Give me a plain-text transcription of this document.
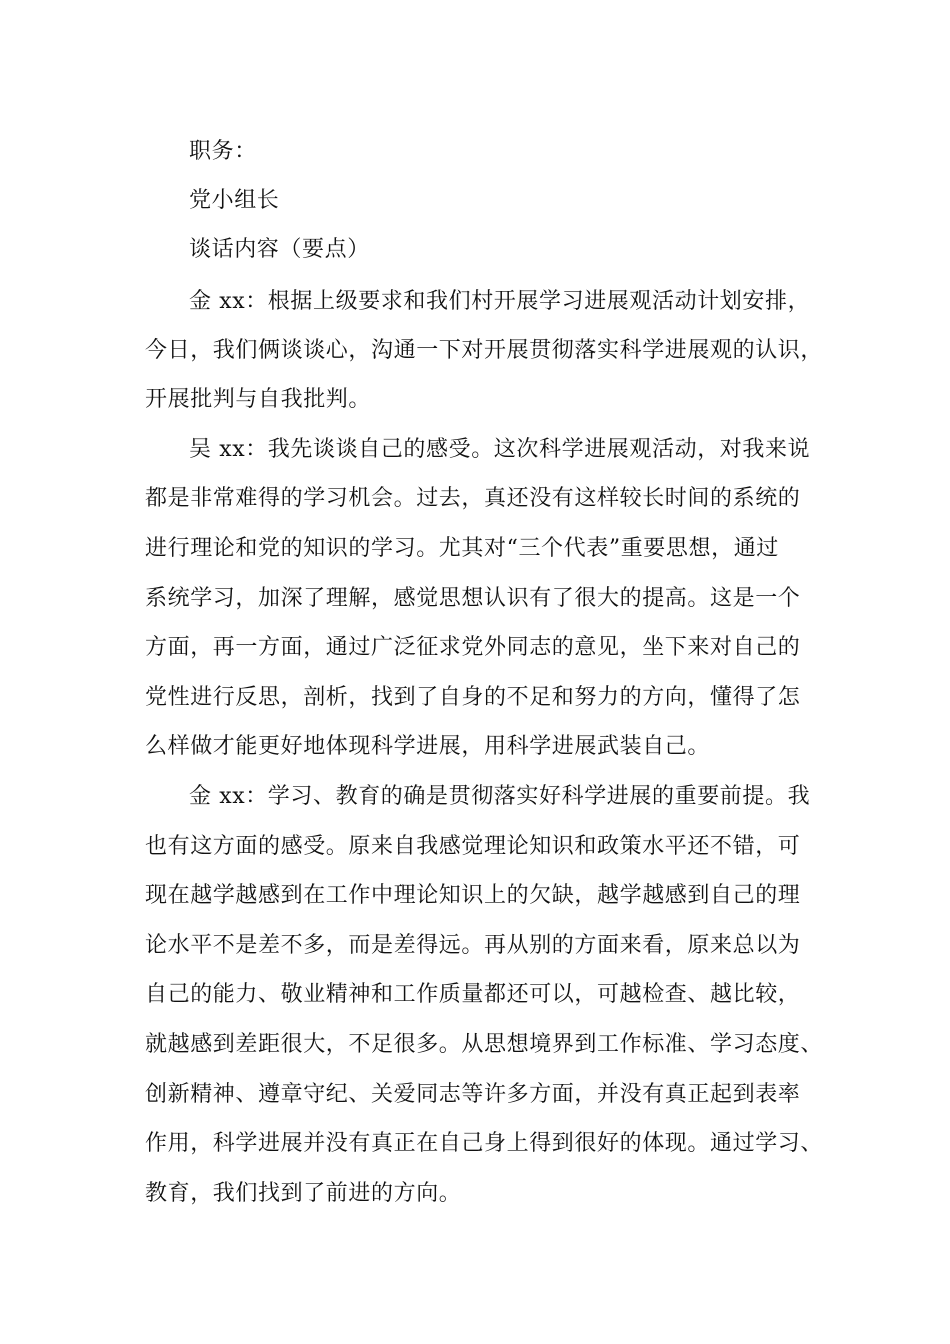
职务：
党小组长
谈话内容（要点）
金 xx：根据上级要求和我们村开展学习进展观活动计划安排，
今日，我们俩谈谈心，沟通一下对开展贯彻落实科学进展观的认识，
开展批判与自我批判。
吴 xx：我先谈谈自己的感受。这次科学进展观活动，对我来说
都是非常难得的学习机会。过去，真还没有这样较长时间的系统的
进行理论和党的知识的学习。尤其对“三个代表”重要思想，通过
系统学习，加深了理解，感觉思想认识有了很大的提高。这是一个
方面，再一方面，通过广泛征求党外同志的意见，坐下来对自己的
党性进行反思，剖析，找到了自身的不足和努力的方向，懂得了怎
么样做才能更好地体现科学进展，用科学进展武装自己。
金 xx：学习、教育的确是贯彻落实好科学进展的重要前提。我
也有这方面的感受。原来自我感觉理论知识和政策水平还不错，可
现在越学越感到在工作中理论知识上的欠缺，越学越感到自己的理
论水平不是差不多，而是差得远。再从别的方面来看，原来总以为
自己的能力、敬业精神和工作质量都还可以，可越检查、越比较，
就越感到差距很大，不足很多。从思想境界到工作标准、学习态度、
创新精神、遵章守纪、关爱同志等许多方面，并没有真正起到表率
作用，科学进展并没有真正在自己身上得到很好的体现。通过学习、
教育，我们找到了前进的方向。
